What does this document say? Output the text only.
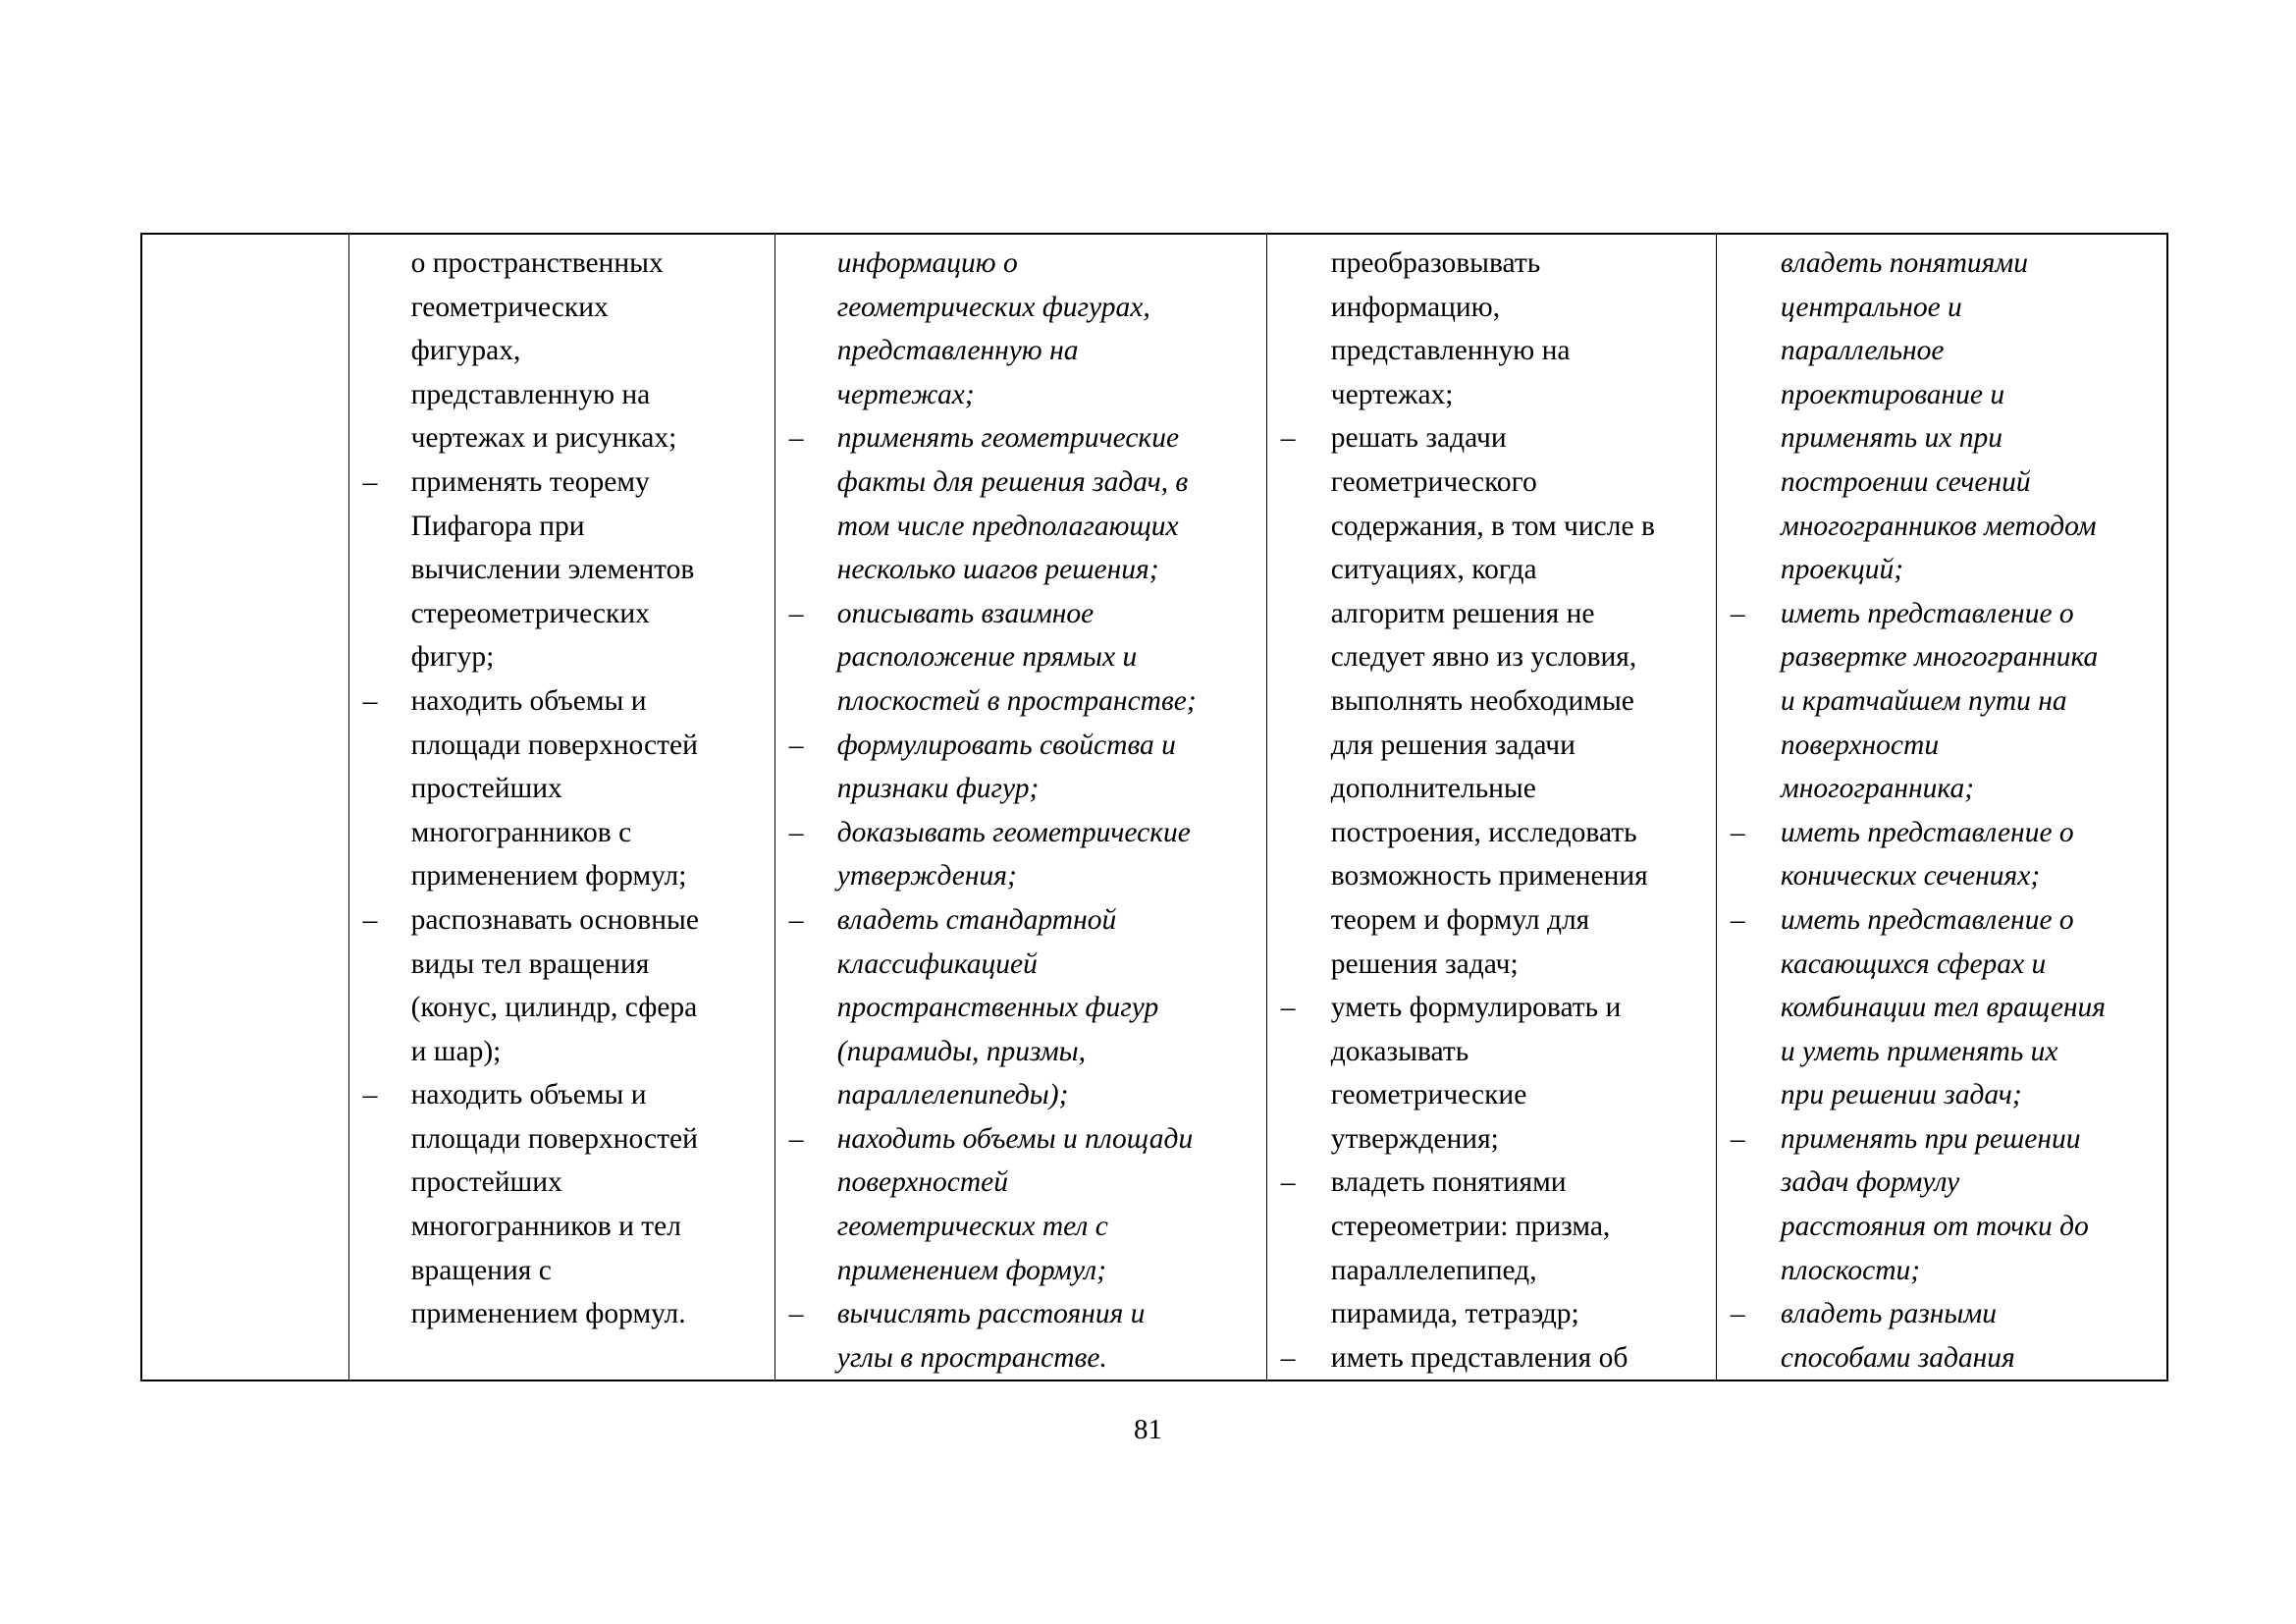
о пространственных
геометрических
фигурах,
представленную на
чертежах и рисунках;
– применять теорему
Пифагора при
вычислении элементов
стереометрических
фигур;
– находить объемы и
площади поверхностей
простейших
многогранников с
применением формул;
– распознавать основные
виды тел вращения
(конус, цилиндр, сфера
и шар);
– находить объемы и
площади поверхностей
простейших
многогранников и тел
вращения с
применением формул.
информацию о
геометрических фигурах,
представленную на
чертежах;
– применять геометрические
факты для решения задач, в
том числе предполагающих
несколько шагов решения;
– описывать взаимное
расположение прямых и
плоскостей в пространстве;
– формулировать свойства и
признаки фигур;
– доказывать геометрические
утверждения;
– владеть стандартной
классификацией
пространственных фигур
(пирамиды, призмы,
параллелепипеды);
– находить объемы и площади
поверхностей
геометрических тел с
применением формул;
– вычислять расстояния и
углы в пространстве.
преобразовывать
информацию,
представленную на
чертежах;
– решать задачи
геометрического
содержания, в том числе в
ситуациях, когда
алгоритм решения не
следует явно из условия,
выполнять необходимые
для решения задачи
дополнительные
построения, исследовать
возможность применения
теорем и формул для
решения задач;
– уметь формулировать и
доказывать
геометрические
утверждения;
– владеть понятиями
стереометрии: призма,
параллелепипед,
пирамида, тетраэдр;
– иметь представления об
владеть понятиями
центральное и
параллельное
проектирование и
применять их при
построении сечений
многогранников методом
проекций;
– иметь представление о
развертке многогранника
и кратчайшем пути на
поверхности
многогранника;
– иметь представление о
конических сечениях;
– иметь представление о
касающихся сферах и
комбинации тел вращения
и уметь применять их
при решении задач;
– применять при решении
задач формулу
расстояния от точки до
плоскости;
– владеть разными
способами задания
81
